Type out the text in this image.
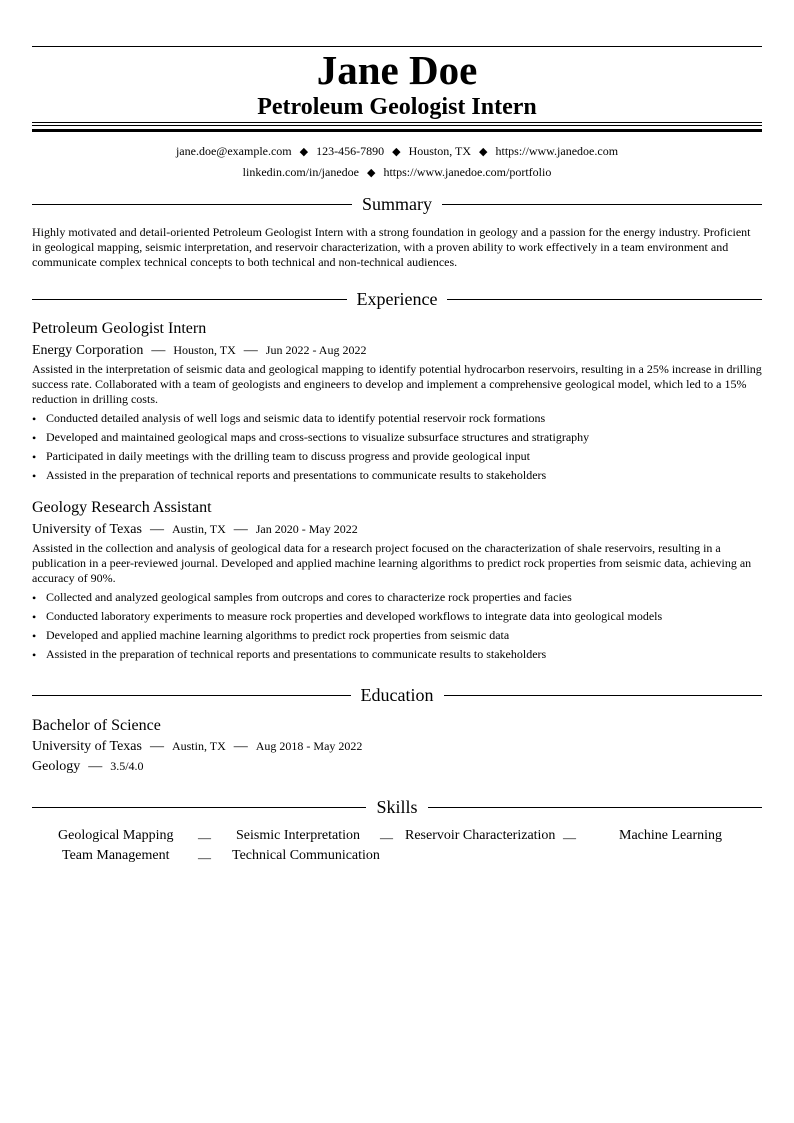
Jane Doe
Petroleum Geologist Intern
jane.doe@example.com ◆ 123-456-7890 ◆ Houston, TX ◆ https://www.janedoe.com
linkedin.com/in/janedoe ◆ https://www.janedoe.com/portfolio
Summary
Highly motivated and detail-oriented Petroleum Geologist Intern with a strong foundation in geology and a passion for the energy industry. Proficient in geological mapping, seismic interpretation, and reservoir characterization, with a proven ability to work effectively in a team environment and communicate complex technical concepts to both technical and non-technical audiences.
Experience
Petroleum Geologist Intern
Energy Corporation — Houston, TX — Jun 2022 - Aug 2022
Assisted in the interpretation of seismic data and geological mapping to identify potential hydrocarbon reservoirs, resulting in a 25% increase in drilling success rate. Collaborated with a team of geologists and engineers to develop and implement a comprehensive geological model, which led to a 15% reduction in drilling costs.
• Conducted detailed analysis of well logs and seismic data to identify potential reservoir rock formations
• Developed and maintained geological maps and cross-sections to visualize subsurface structures and stratigraphy
• Participated in daily meetings with the drilling team to discuss progress and provide geological input
• Assisted in the preparation of technical reports and presentations to communicate results to stakeholders
Geology Research Assistant
University of Texas — Austin, TX — Jan 2020 - May 2022
Assisted in the collection and analysis of geological data for a research project focused on the characterization of shale reservoirs, resulting in a publication in a peer-reviewed journal. Developed and applied machine learning algorithms to predict rock properties from seismic data, achieving an accuracy of 90%.
• Collected and analyzed geological samples from outcrops and cores to characterize rock properties and facies
• Conducted laboratory experiments to measure rock properties and developed workflows to integrate data into geological models
• Developed and applied machine learning algorithms to predict rock properties from seismic data
• Assisted in the preparation of technical reports and presentations to communicate results to stakeholders
Education
Bachelor of Science
University of Texas — Austin, TX — Aug 2018 - May 2022
Geology — 3.5/4.0
Skills
Geological Mapping — Seismic Interpretation — Reservoir Characterization —	Machine Learning
Team Management — Technical Communication
